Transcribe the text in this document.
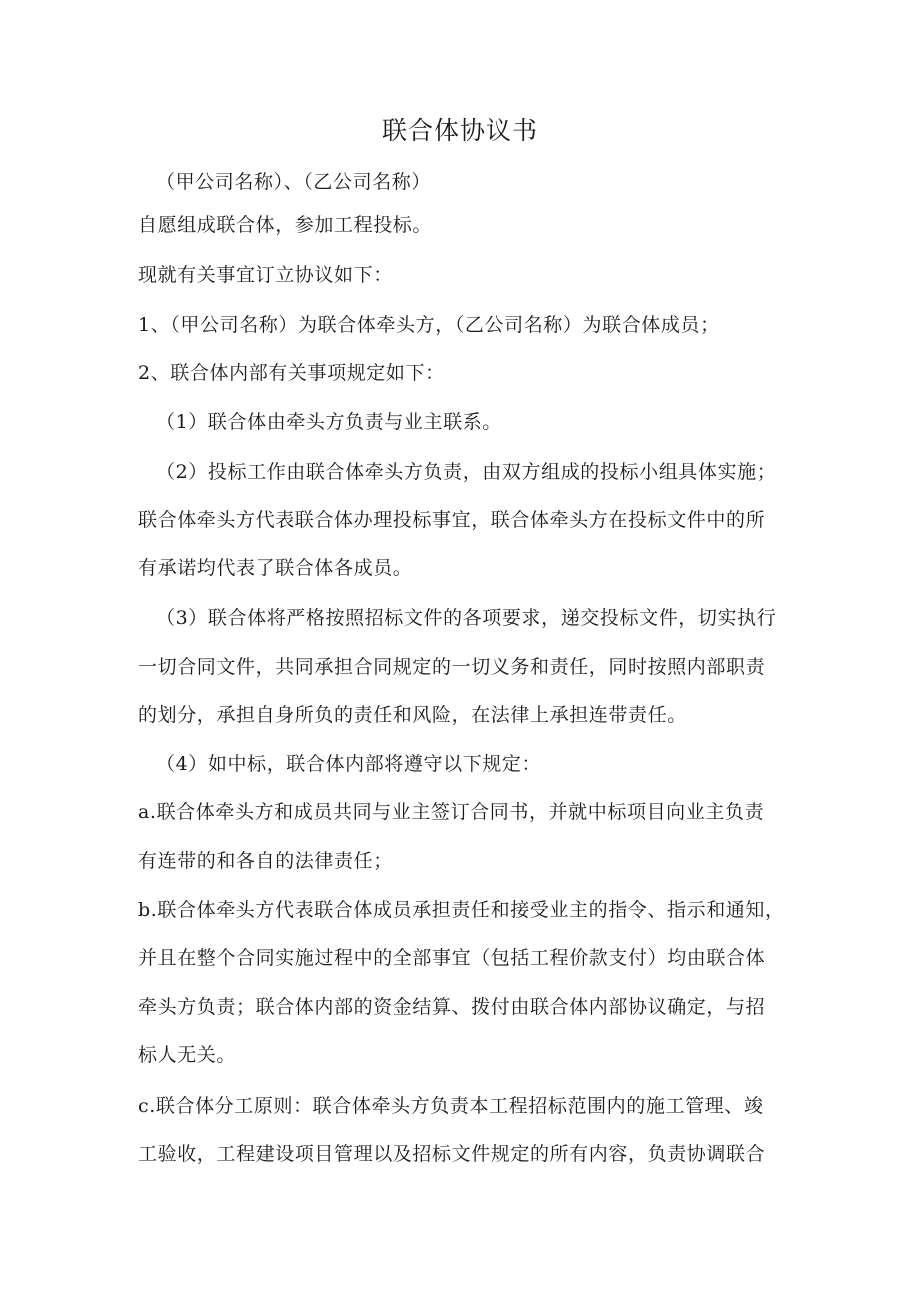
联合体协议书
（甲公司名称）、（乙公司名称）
自愿组成联合体，参加工程投标。
现就有关事宜订立协议如下：
1、（甲公司名称）为联合体牵头方，（乙公司名称）为联合体成员；
2、联合体内部有关事项规定如下：
（1）联合体由牵头方负责与业主联系。
（2）投标工作由联合体牵头方负责，由双方组成的投标小组具体实施；
联合体牵头方代表联合体办理投标事宜，联合体牵头方在投标文件中的所
有承诺均代表了联合体各成员。
（3）联合体将严格按照招标文件的各项要求，递交投标文件，切实执行
一切合同文件，共同承担合同规定的一切义务和责任，同时按照内部职责
的划分，承担自身所负的责任和风险，在法律上承担连带责任。
（4）如中标，联合体内部将遵守以下规定：
a.联合体牵头方和成员共同与业主签订合同书，并就中标项目向业主负责
有连带的和各自的法律责任；
b.联合体牵头方代表联合体成员承担责任和接受业主的指令、指示和通知，
并且在整个合同实施过程中的全部事宜（包括工程价款支付）均由联合体
牵头方负责；联合体内部的资金结算、拨付由联合体内部协议确定，与招
标人无关。
c.联合体分工原则：联合体牵头方负责本工程招标范围内的施工管理、竣
工验收，工程建设项目管理以及招标文件规定的所有内容，负责协调联合
